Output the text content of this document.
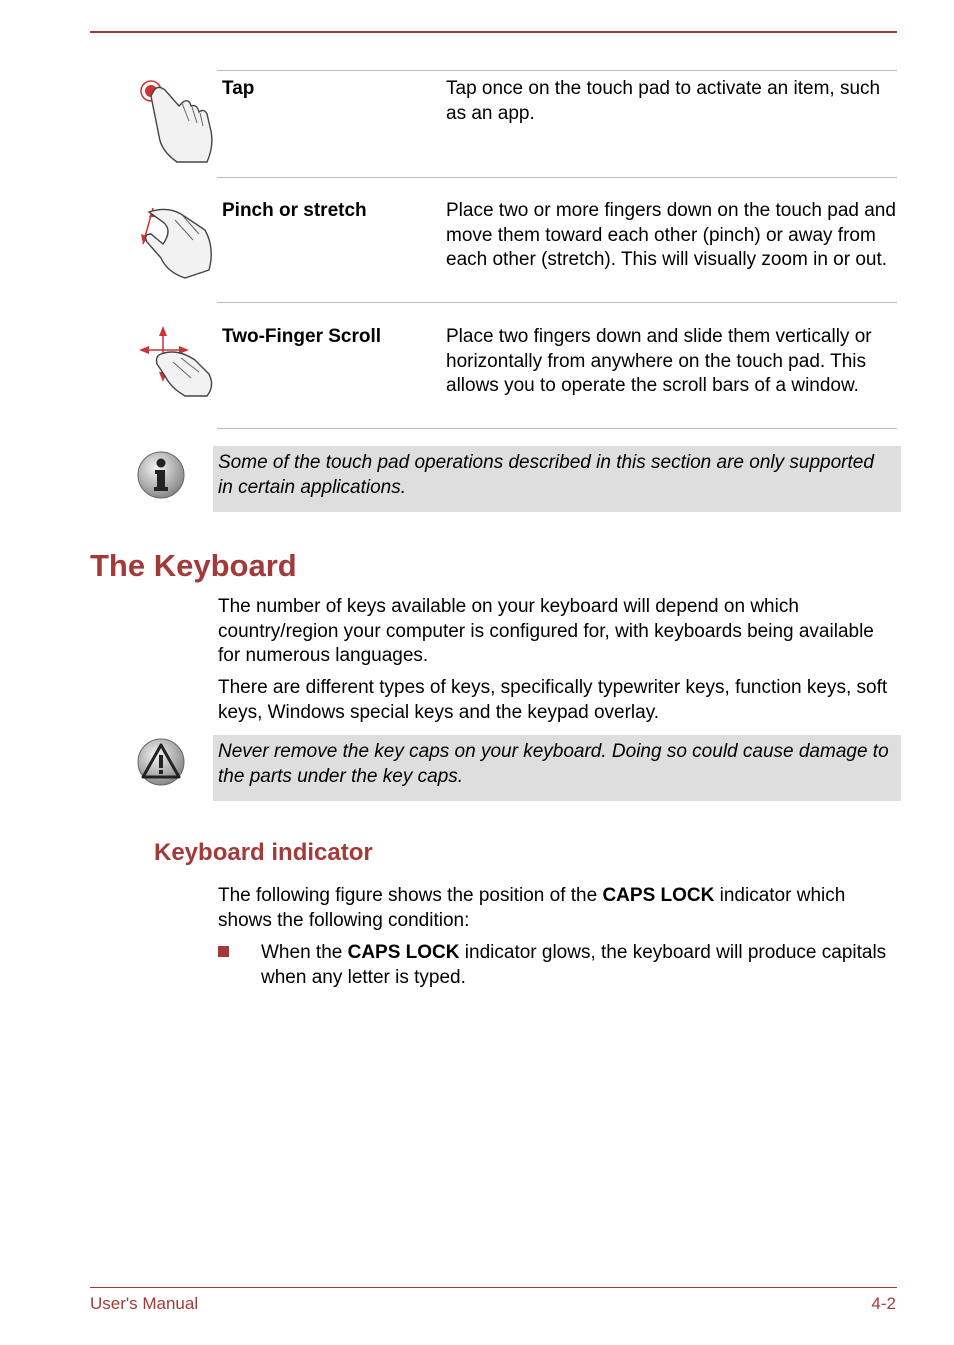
Tap	Tap once on the touch pad to activate an item, such as an app.
Pinch or stretch	Place two or more fingers down on the touch pad and move them toward each other (pinch) or away from each other (stretch). This will visually zoom in or out.
Two-Finger Scroll	Place two fingers down and slide them vertically or horizontally from anywhere on the touch pad. This allows you to operate the scroll bars of a window.
Some of the touch pad operations described in this section are only supported in certain applications.
The Keyboard
The number of keys available on your keyboard will depend on which country/region your computer is configured for, with keyboards being available for numerous languages.
There are different types of keys, specifically typewriter keys, function keys, soft keys, Windows special keys and the keypad overlay.
Never remove the key caps on your keyboard. Doing so could cause damage to the parts under the key caps.
Keyboard indicator
The following figure shows the position of the CAPS LOCK indicator which shows the following condition:
When the CAPS LOCK indicator glows, the keyboard will produce capitals when any letter is typed.
User's Manual	4-2
